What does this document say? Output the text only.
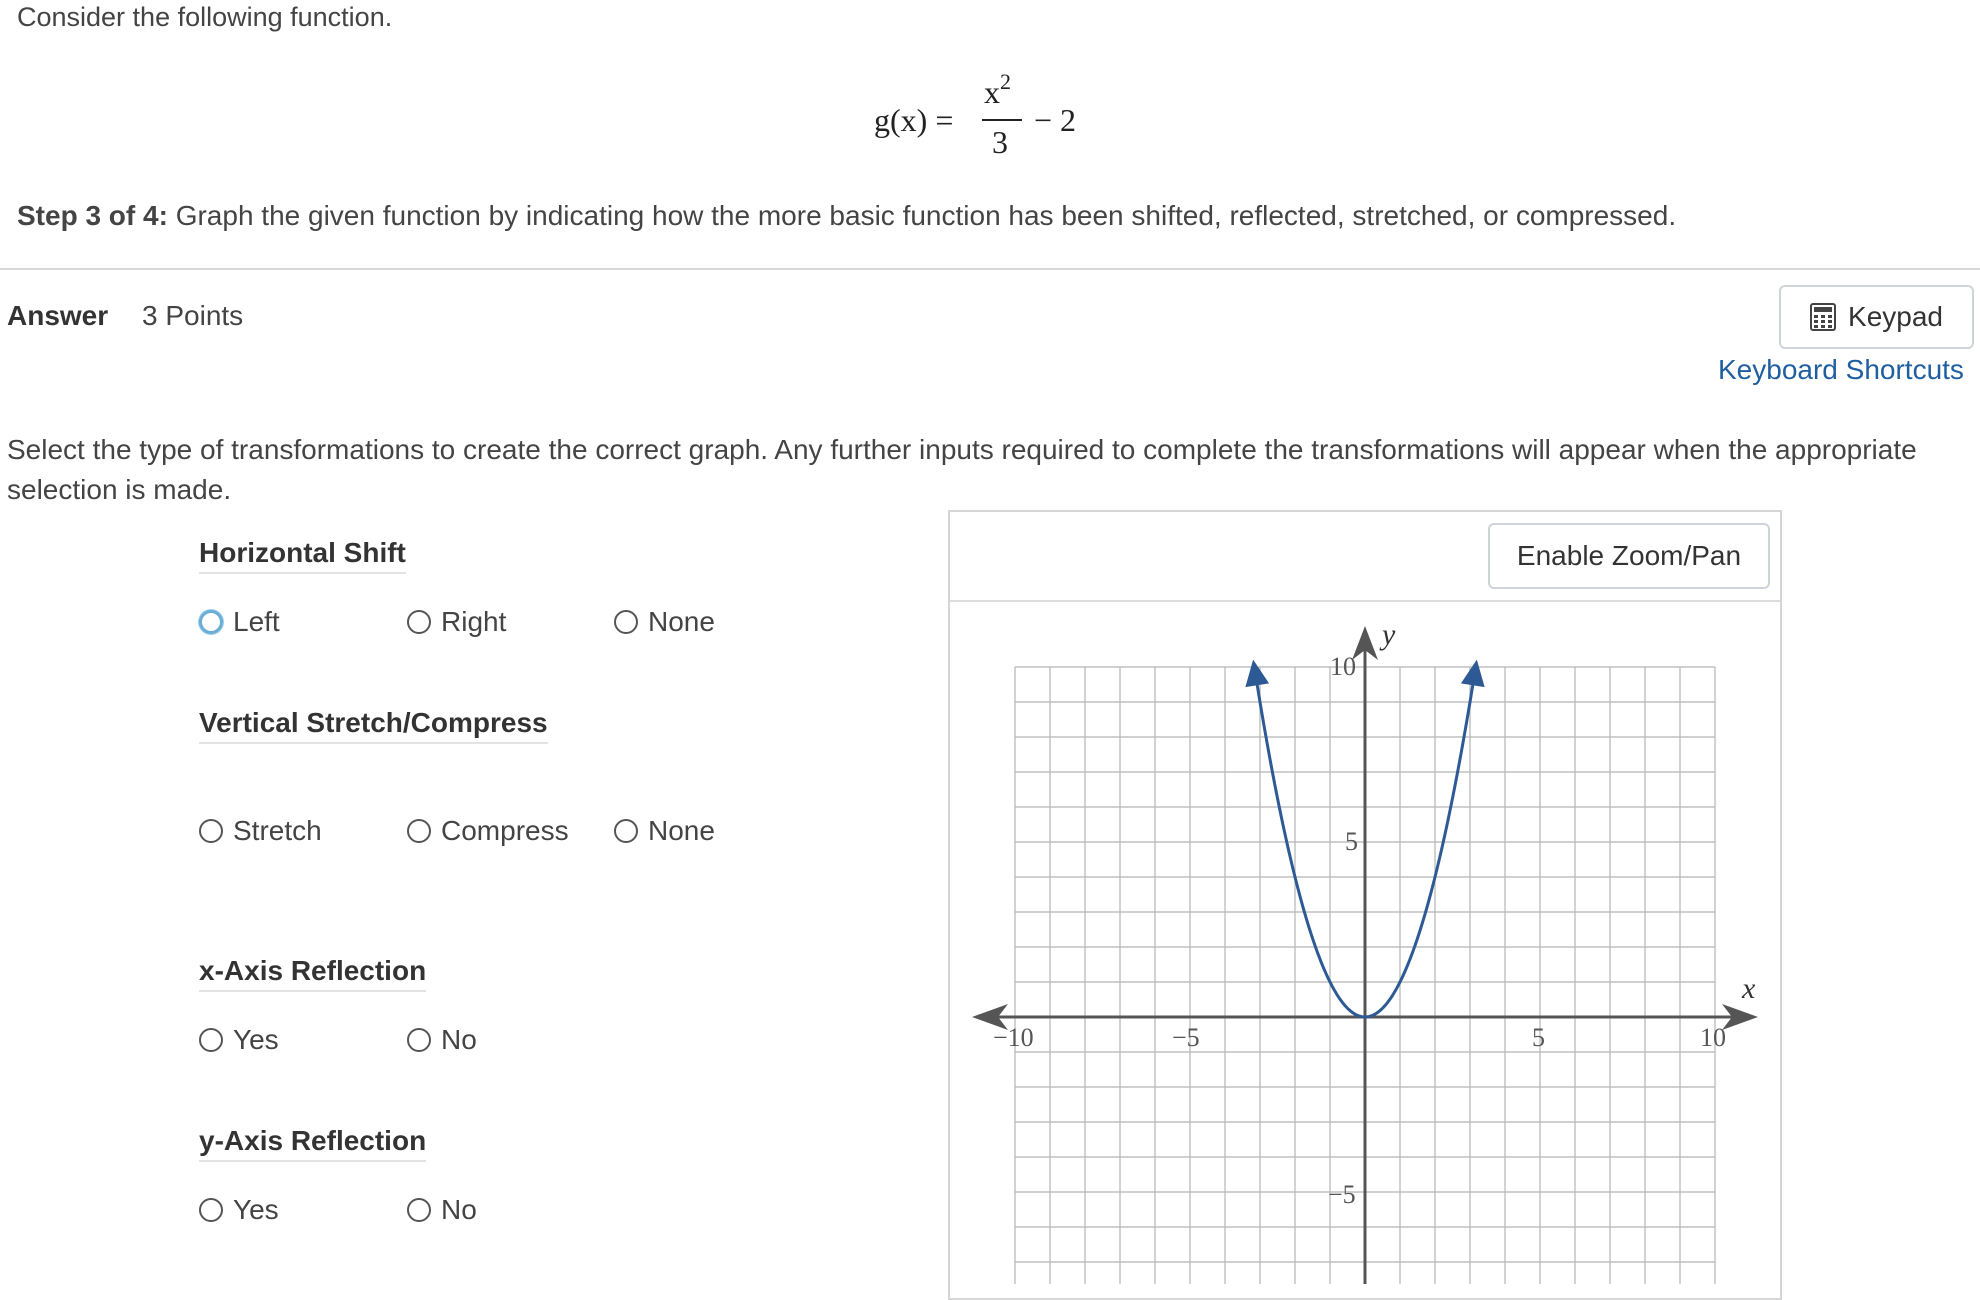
Consider the following function.
g(x) =
$x^2$
3
− 2
Step 3 of 4: Graph the given function by indicating how the more basic function has been shifted, reflected, stretched, or compressed.
Answer 3 Points	Keypad
Keyboard Shortcuts
Select the type of transformations to create the correct graph. Any further inputs required to complete the transformations will appear when the appropriate selection is made.
Horizontal Shift
Left	Right	None
Vertical Stretch/Compress
Stretch	Compress	None
x-Axis Reflection
Yes	No
y-Axis Reflection
Yes	No
Enable Zoom/Pan
x
y
−10	−5	5	10
10
5
−5
